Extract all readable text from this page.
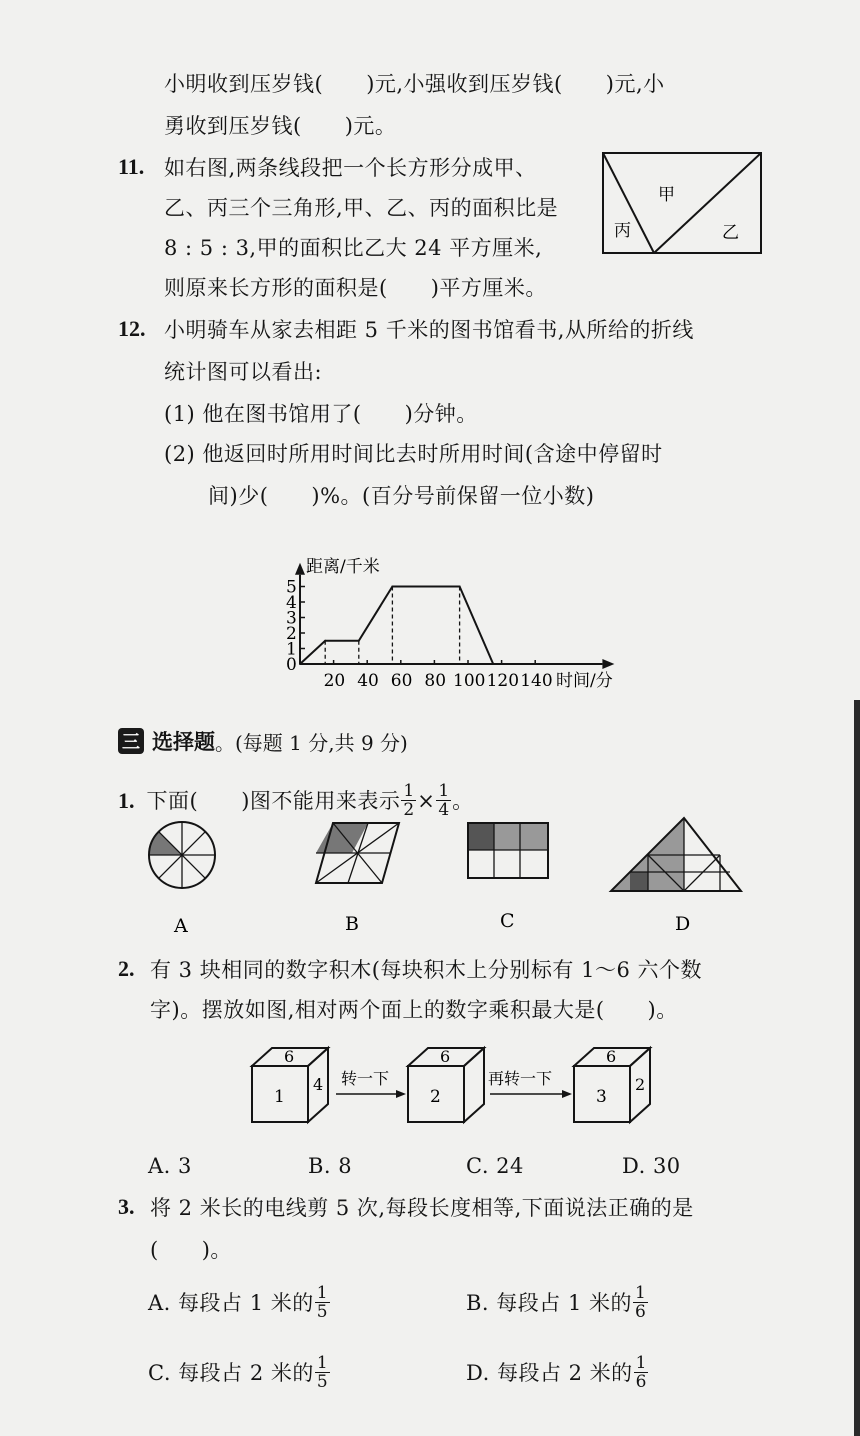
小明收到压岁钱(　　)元,小强收到压岁钱(　　)元,小
勇收到压岁钱(　　)元。
11. 如右图,两条线段把一个长方形分成甲、
乙、丙三个三角形,甲、乙、丙的面积比是
8 : 5 : 3,甲的面积比乙大 24 平方厘米,
则原来长方形的面积是(　　)平方厘米。
甲
丙	乙
12. 小明骑车从家去相距 5 千米的图书馆看书,从所给的折线
统计图可以看出:
(1) 他在图书馆用了(　　)分钟。
(2) 他返回时所用时间比去时所用时间(含途中停留时
间)少(　　)%。(百分号前保留一位小数)
0
1
2
3
4
5
20 40 60 80 100 120 140
距离/千米
时间/分
三 选择题 。(每题 1 分,共 9 分)
1. 下面(　　)图不能用来表示 $\frac{1}{2} \times \frac{1}{4}$ 。
A	B	C	D
2. 有 3 块相同的数字积木(每块积木上分别标有 1～6 六个数
字)。摆放如图,相对两个面上的数字乘积最大是(　　)。
6
1
4 转一下
6
2
再转一下
6
3
2
A. 3	B. 8	C. 24	D. 30
3. 将 2 米长的电线剪 5 次,每段长度相等,下面说法正确的是
(　　)。
A. 每段占 1 米的 $\frac{1}{5}$	B. 每段占 1 米的 $\frac{1}{6}$
C. 每段占 2 米的 $\frac{1}{5}$	D. 每段占 2 米的 $\frac{1}{6}$
